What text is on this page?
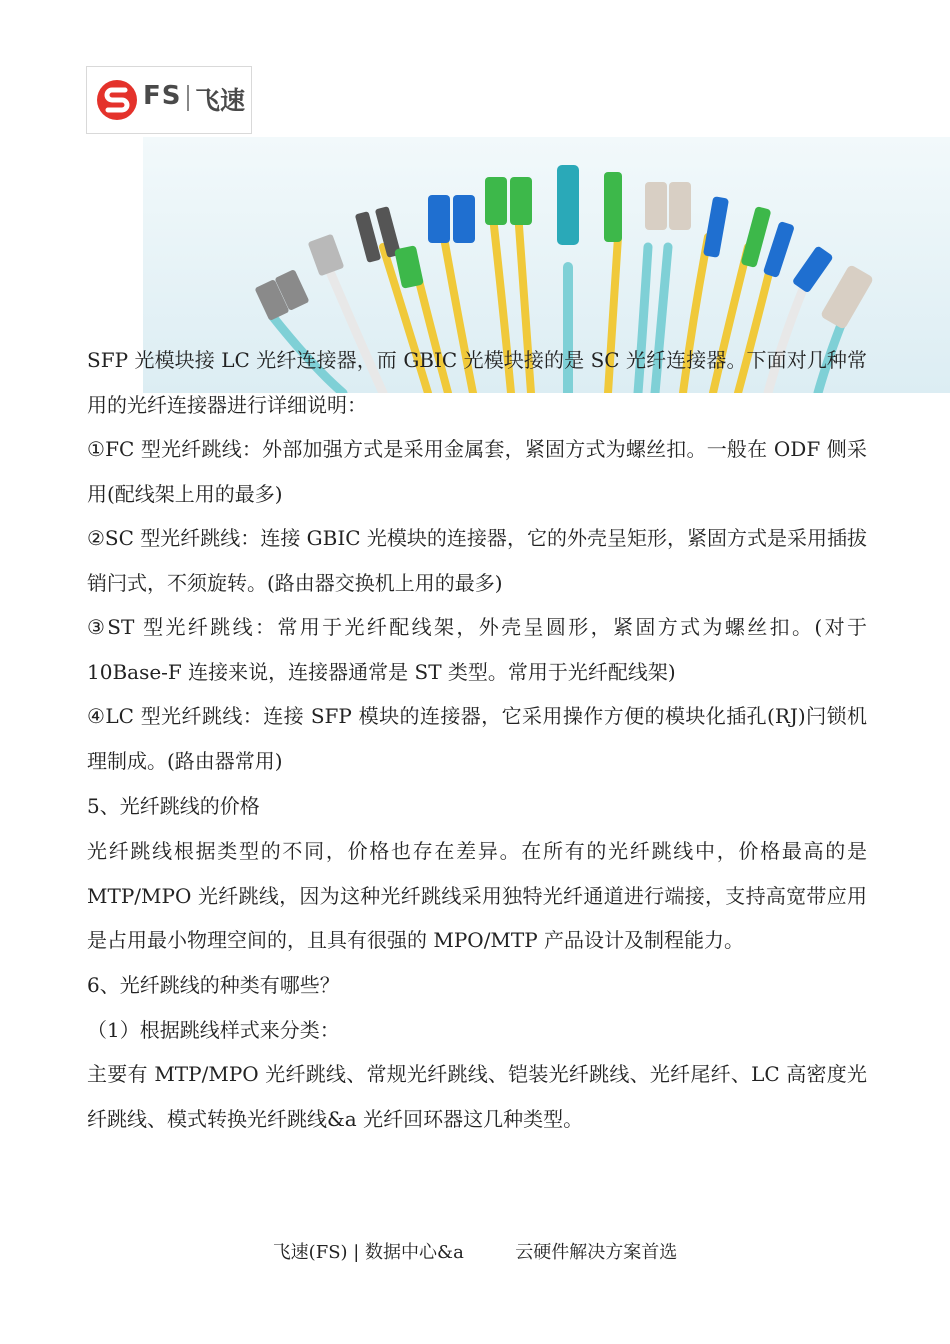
FS 飞速

SFP 光模块接 LC 光纤连接器，而 GBIC 光模块接的是 SC 光纤连接器。下面对几种常用的光纤连接器进行详细说明：

①FC 型光纤跳线：外部加强方式是采用金属套，紧固方式为螺丝扣。一般在 ODF 侧采用(配线架上用的最多)

②SC 型光纤跳线：连接 GBIC 光模块的连接器，它的外壳呈矩形，紧固方式是采用插拔销闩式，不须旋转。(路由器交换机上用的最多)

③ST 型光纤跳线：常用于光纤配线架，外壳呈圆形，紧固方式为螺丝扣。(对于 10Base-F 连接来说，连接器通常是 ST 类型。常用于光纤配线架)

④LC 型光纤跳线：连接 SFP 模块的连接器，它采用操作方便的模块化插孔(RJ)闩锁机理制成。(路由器常用)

5、光纤跳线的价格

光纤跳线根据类型的不同，价格也存在差异。在所有的光纤跳线中，价格最高的是 MTP/MPO 光纤跳线，因为这种光纤跳线采用独特光纤通道进行端接，支持高宽带应用是占用最小物理空间的，且具有很强的 MPO/MTP 产品设计及制程能力。

6、光纤跳线的种类有哪些？

（1）根据跳线样式来分类：

主要有 MTP/MPO 光纤跳线、常规光纤跳线、铠装光纤跳线、光纤尾纤、LC 高密度光纤跳线、模式转换光纤跳线&a 光纤回环器这几种类型。

飞速(FS) | 数据中心&a         云硬件解决方案首选
